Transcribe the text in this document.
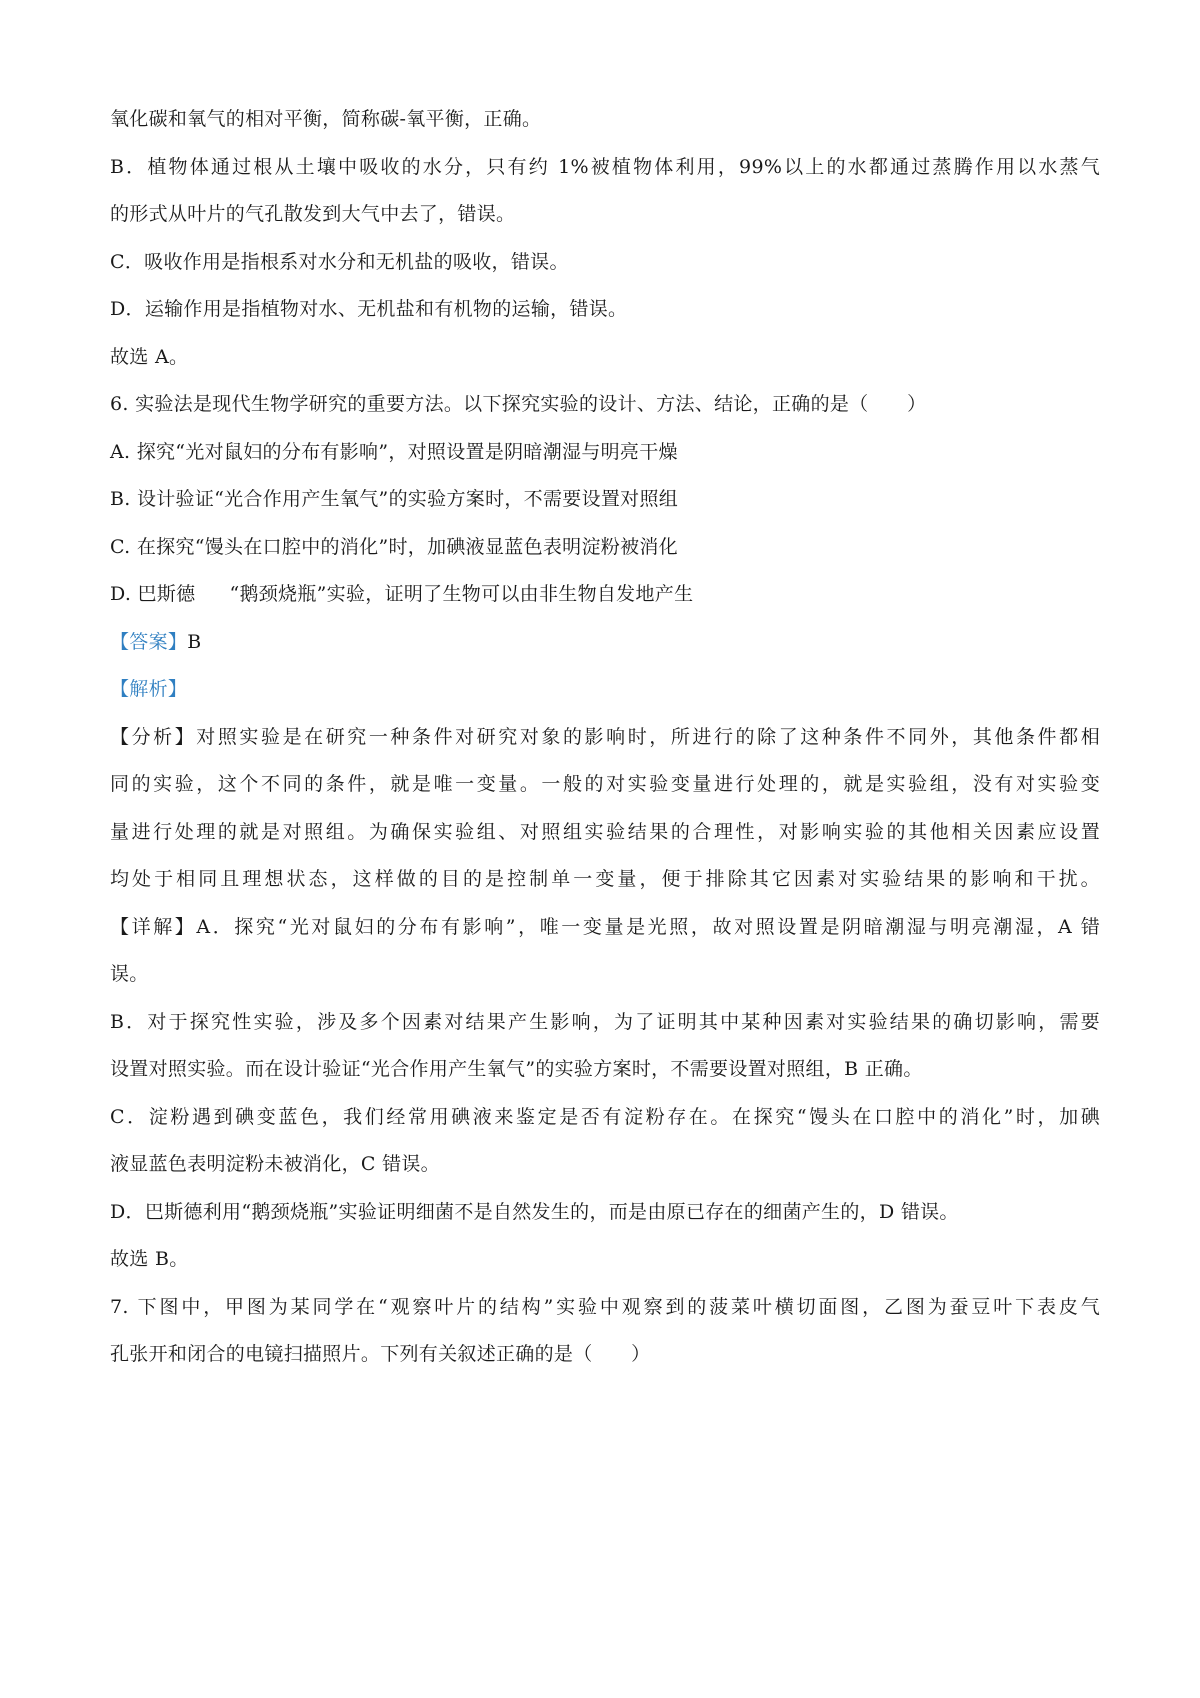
氧化碳和氧气的相对平衡，简称碳-氧平衡，正确。
B．植物体通过根从土壤中吸收的水分，只有约 1%被植物体利用，99%以上的水都通过蒸腾作用以水蒸气
的形式从叶片的气孔散发到大气中去了，错误。
C．吸收作用是指根系对水分和无机盐的吸收，错误。
D．运输作用是指植物对水、无机盐和有机物的运输，错误。
故选 A。
6. 实验法是现代生物学研究的重要方法。以下探究实验的设计、方法、结论，正确的是（　　）
A. 探究“光对鼠妇的分布有影响”，对照设置是阴暗潮湿与明亮干燥
B. 设计验证“光合作用产生氧气”的实验方案时，不需要设置对照组
C. 在探究“馒头在口腔中的消化”时，加碘液显蓝色表明淀粉被消化
D. 巴斯德 “鹅颈烧瓶”实验，证明了生物可以由非生物自发地产生
【答案】B
【解析】
【分析】对照实验是在研究一种条件对研究对象的影响时，所进行的除了这种条件不同外，其他条件都相
同的实验，这个不同的条件，就是唯一变量。一般的对实验变量进行处理的，就是实验组，没有对实验变
量进行处理的就是对照组。为确保实验组、对照组实验结果的合理性，对影响实验的其他相关因素应设置
均处于相同且理想状态，这样做的目的是控制单一变量，便于排除其它因素对实验结果的影响和干扰。
【详解】A．探究“光对鼠妇的分布有影响”，唯一变量是光照，故对照设置是阴暗潮湿与明亮潮湿，A 错
误。
B．对于探究性实验，涉及多个因素对结果产生影响，为了证明其中某种因素对实验结果的确切影响，需要
设置对照实验。而在设计验证“光合作用产生氧气”的实验方案时，不需要设置对照组，B 正确。
C．淀粉遇到碘变蓝色，我们经常用碘液来鉴定是否有淀粉存在。在探究“馒头在口腔中的消化”时，加碘
液显蓝色表明淀粉未被消化，C 错误。
D．巴斯德利用“鹅颈烧瓶”实验证明细菌不是自然发生的，而是由原已存在的细菌产生的，D 错误。
故选 B。
7. 下图中，甲图为某同学在“观察叶片的结构”实验中观察到的菠菜叶横切面图，乙图为蚕豆叶下表皮气
孔张开和闭合的电镜扫描照片。下列有关叙述正确的是（　　）
